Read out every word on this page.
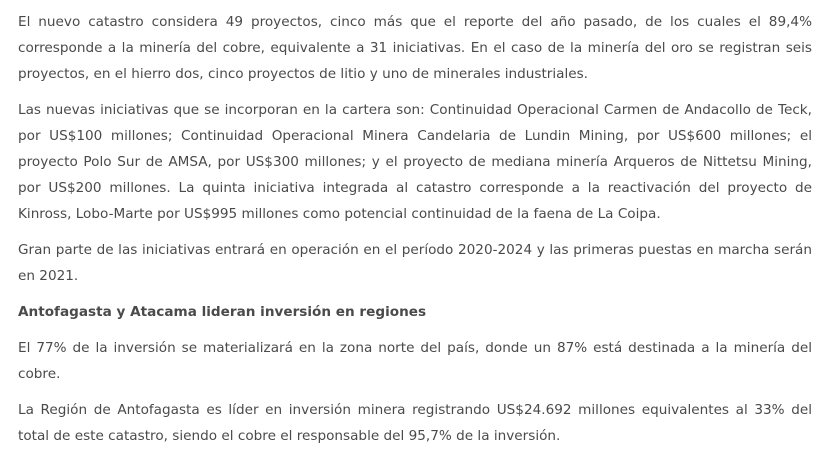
El nuevo catastro considera 49 proyectos, cinco más que el reporte del año pasado, de los cuales el 89,4% corresponde a la minería del cobre, equivalente a 31 iniciativas. En el caso de la minería del oro se registran seis proyectos, en el hierro dos, cinco proyectos de litio y uno de minerales industriales.

Las nuevas iniciativas que se incorporan en la cartera son: Continuidad Operacional Carmen de Andacollo de Teck, por US$100 millones; Continuidad Operacional Minera Candelaria de Lundin Mining, por US$600 millones; el proyecto Polo Sur de AMSA, por US$300 millones; y el proyecto de mediana minería Arqueros de Nittetsu Mining, por US$200 millones. La quinta iniciativa integrada al catastro corresponde a la reactivación del proyecto de Kinross, Lobo-Marte por US$995 millones como potencial continuidad de la faena de La Coipa.

Gran parte de las iniciativas entrará en operación en el período 2020-2024 y las primeras puestas en marcha serán en 2021.

Antofagasta y Atacama lideran inversión en regiones

El 77% de la inversión se materializará en la zona norte del país, donde un 87% está destinada a la minería del cobre.

La Región de Antofagasta es líder en inversión minera registrando US$24.692 millones equivalentes al 33% del total de este catastro, siendo el cobre el responsable del 95,7% de la inversión.
